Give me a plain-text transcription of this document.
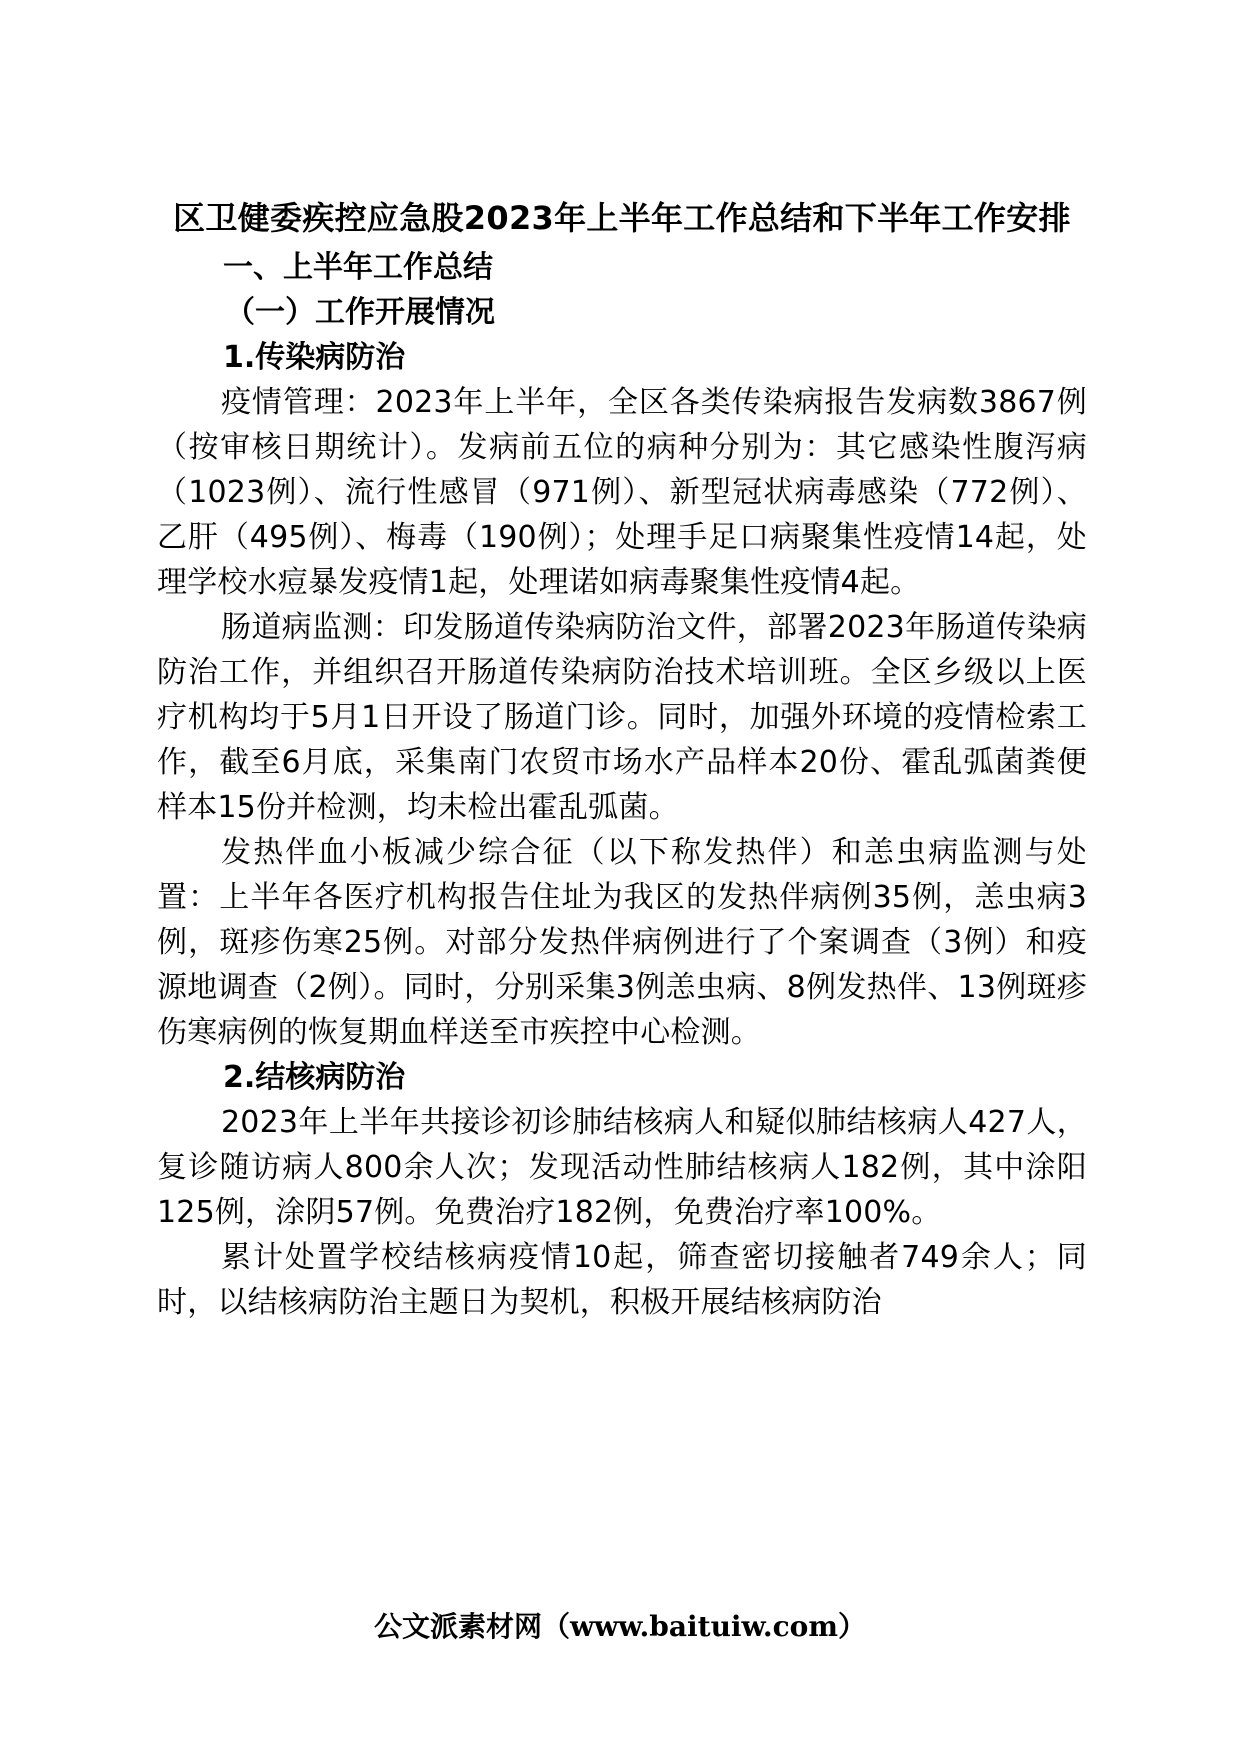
区卫健委疾控应急股2023年上半年工作总结和下半年工作安排

一、上半年工作总结

（一）工作开展情况

1.传染病防治

疫情管理：2023年上半年，全区各类传染病报告发病数3867例（按审核日期统计）。发病前五位的病种分别为：其它感染性腹泻病（1023例）、流行性感冒（971例）、新型冠状病毒感染（772例）、乙肝（495例）、梅毒（190例）；处理手足口病聚集性疫情14起，处理学校水痘暴发疫情1起，处理诺如病毒聚集性疫情4起。

肠道病监测：印发肠道传染病防治文件，部署2023年肠道传染病防治工作，并组织召开肠道传染病防治技术培训班。全区乡级以上医疗机构均于5月1日开设了肠道门诊。同时，加强外环境的疫情检索工作，截至6月底，采集南门农贸市场水产品样本20份、霍乱弧菌粪便样本15份并检测，均未检出霍乱弧菌。

发热伴血小板减少综合征（以下称发热伴）和恙虫病监测与处置：上半年各医疗机构报告住址为我区的发热伴病例35例，恙虫病3例，斑疹伤寒25例。对部分发热伴病例进行了个案调查（3例）和疫源地调查（2例）。同时，分别采集3例恙虫病、8例发热伴、13例斑疹伤寒病例的恢复期血样送至市疾控中心检测。

2.结核病防治

2023年上半年共接诊初诊肺结核病人和疑似肺结核病人427人，复诊随访病人800余人次；发现活动性肺结核病人182例，其中涂阳125例，涂阴57例。免费治疗182例，免费治疗率100%。

累计处置学校结核病疫情10起，筛查密切接触者749余人；同时，以结核病防治主题日为契机，积极开展结核病防治

公文派素材网（www.baituiw.com）
